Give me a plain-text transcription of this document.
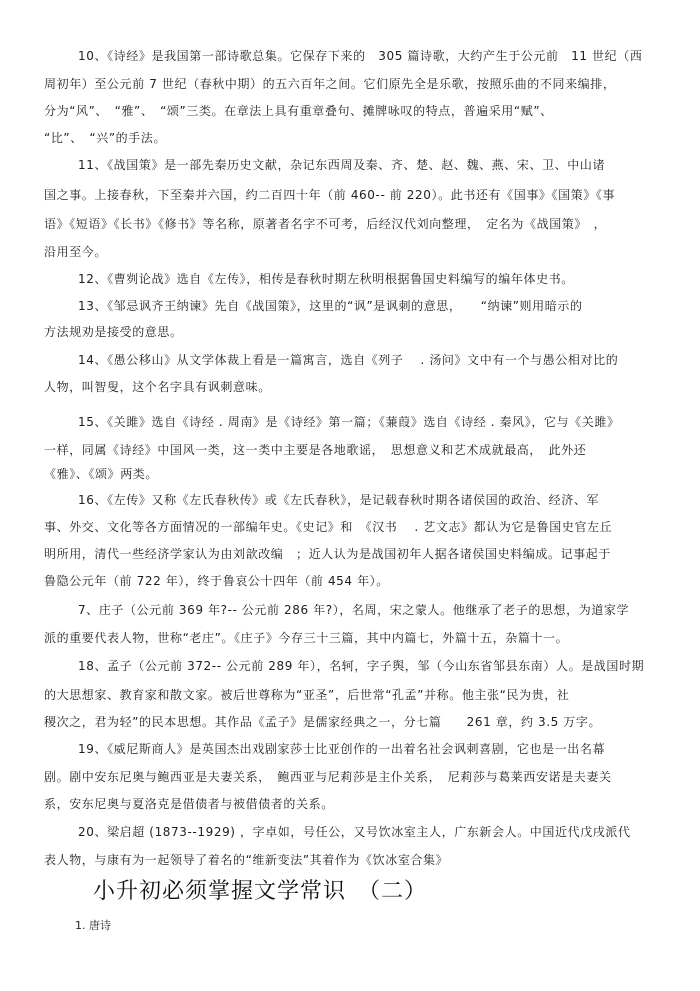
10、《诗经》是我国第一部诗歌总集。它保存下来的　305 篇诗歌，大约产生于公元前　11 世纪（西
周初年）至公元前 7 世纪（春秋中期）的五六百年之间。它们原先全是乐歌，按照乐曲的不同来编排，
分为“风”、　“雅”、　“颂”三类。在章法上具有重章叠句、摊牌咏叹的特点，普遍采用“赋”、
“比”、　“兴”的手法。
11、《战国策》是一部先秦历史文献，杂记东西周及秦、齐、楚、赵、魏、燕、宋、卫、中山诸
国之事。上接春秋，下至秦并六国，约二百四十年（前 460-- 前 220）。此书还有《国事》《国策》《事
语》《短语》《长书》《修书》等名称，原著者名字不可考，后经汉代刘向整理，　定名为《战国策》　，
沿用至今。
12、《曹刿论战》选自《左传》，相传是春秋时期左秋明根据鲁国史料编写的编年体史书。
13、《邹忌讽齐王纳谏》先自《战国策》，这里的“讽”是讽刺的意思，　　“纳谏”则用暗示的
方法规劝是接受的意思。
14、《愚公移山》从文学体裁上看是一篇寓言，选自《列子　 . 汤问》文中有一个与愚公相对比的
人物，叫智叟，这个名字具有讽刺意味。
15、《关雎》选自《诗经 . 周南》是《诗经》第一篇；《蒹葭》选自《诗经 . 秦风》，它与《关雎》
一样，同属《诗经》中国风一类，这一类中主要是各地歌谣，　思想意义和艺术成就最高，　此外还
《雅》、《颂》两类。
16、《左传》又称《左氏春秋传》或《左氏春秋》，是记载春秋时期各诸侯国的政治、经济、军
事、外交、文化等各方面情况的一部编年史。《史记》和　《汉书　 . 艺文志》都认为它是鲁国史官左丘
明所用，清代一些经济学家认为由刘歆改编　；近人认为是战国初年人据各诸侯国史料编成。记事起于
鲁隐公元年（前 722 年），终于鲁哀公十四年（前 454 年）。
7、庄子（公元前 369 年?-- 公元前 286 年?），名周，宋之蒙人。他继承了老子的思想，为道家学
派的重要代表人物，世称“老庄”。《庄子》今存三十三篇，其中内篇七，外篇十五，杂篇十一。
18、孟子（公元前 372-- 公元前 289 年），名轲，字子舆，邹（今山东省邹县东南）人。是战国时期
的大思想家、教育家和散文家。被后世尊称为“亚圣”，后世常“孔孟”并称。他主张“民为贵，社
稷次之，君为轻”的民本思想。其作品《孟子》是儒家经典之一，分七篇　　261 章，约 3.5 万字。
19、《威尼斯商人》是英国杰出戏剧家莎士比亚创作的一出着名社会讽刺喜剧，它也是一出名幕
剧。剧中安东尼奥与鲍西亚是夫妻关系，　鲍西亚与尼莉莎是主仆关系，　尼莉莎与葛莱西安诺是夫妻关
系，安东尼奥与夏洛克是借债者与被借债者的关系。
20、梁启超 (1873--1929) ，字卓如，号任公，又号饮冰室主人，广东新会人。中国近代戊戌派代
表人物，与康有为一起领导了着名的“维新变法”其着作为《饮冰室合集》
小升初必须掌握文学常识　（二）
1. 唐诗
